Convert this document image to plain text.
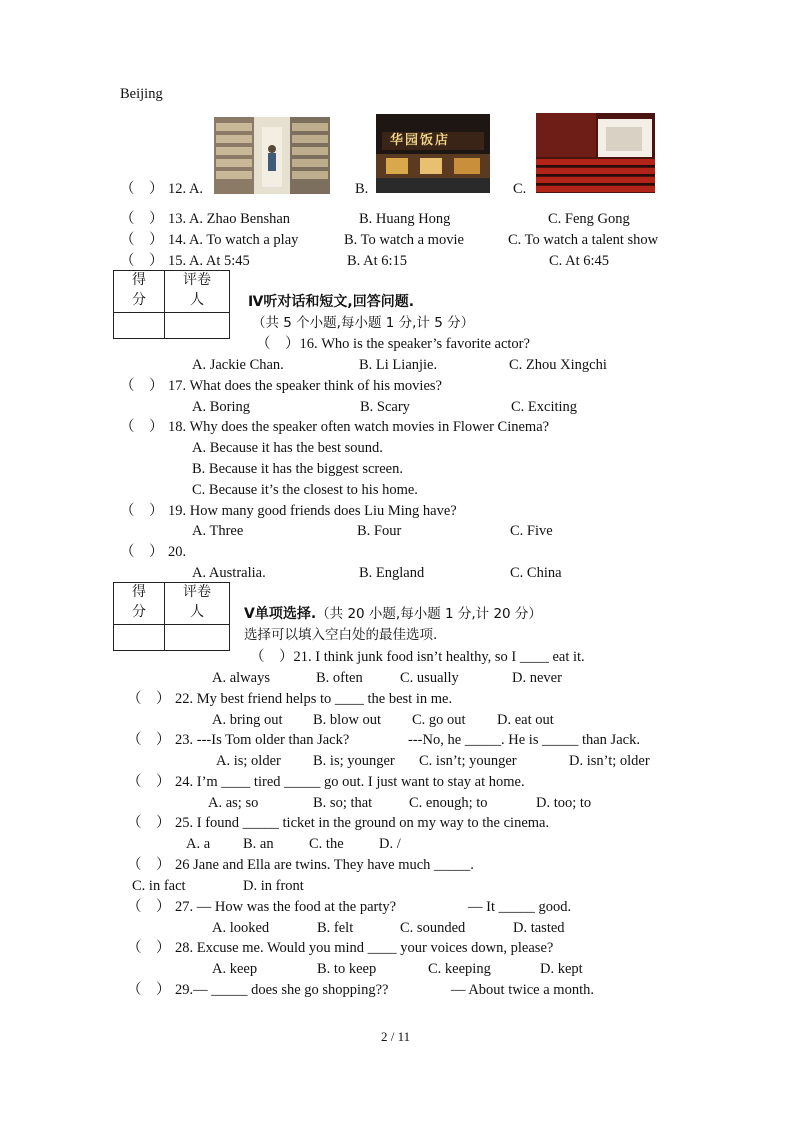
Beijing
华园饭店
（　） 12. A.	B.	C.
（　） 13. A. Zhao Benshan	B. Huang Hong	C. Feng Gong
（　） 14. A. To watch a play	B. To watch a movie	C. To watch a talent show
（　） 15. A. At 5:45	B. At 6:15	C. At 6:45
得
分	评卷
人
		Ⅳ听对话和短文,回答问题.
（共 5 个小题,每小题 1 分,计 5 分）
（　）16. Who is the speaker’s favorite actor?
A. Jackie Chan.	B. Li Lianjie.	C. Zhou Xingchi
（　） 17. What does the speaker think of his movies?
A. Boring	B. Scary	C. Exciting
（　） 18. Why does the speaker often watch movies in Flower Cinema?
A. Because it has the best sound.
B. Because it has the biggest screen.
C. Because it’s the closest to his home.
（　） 19. How many good friends does Liu Ming have?
A. Three	B. Four	C. Five
（　） 20.
A. Australia.	B. England	C. China
得
分	评卷
人
		Ⅴ单项选择.（共 20 小题,每小题 1 分,计 20 分）
选择可以填入空白处的最佳选项.
（　）21. I think junk food isn’t healthy, so I ____ eat it.
A. always	B. often	C. usually	D. never
（　） 22. My best friend helps to ____ the best in me.
A. bring out B. blow out C. go out D. eat out
（　） 23. ---Is Tom older than Jack?	---No, he _____. He is _____ than Jack.
A. is; older B. is; younger C. isn’t; younger	D. isn’t; older
（　） 24. I’m ____ tired _____ go out. I just want to stay at home.
A. as; so	B. so; that	C. enough; to	D. too; to
（　） 25. I found _____ ticket in the ground on my way to the cinema.
A. a B. an C. the D. /
（　） 26 Jane and Ella are twins. They have much _____.
C. in fact	D. in front
（　） 27. — How was the food at the party?	— It _____ good.
A. looked	B. felt	C. sounded	D. tasted
（　） 28. Excuse me. Would you mind ____ your voices down, please?
A. keep	B. to keep	C. keeping	D. kept
（　） 29.— _____ does she go shopping??	— About twice a month.
2 / 11
